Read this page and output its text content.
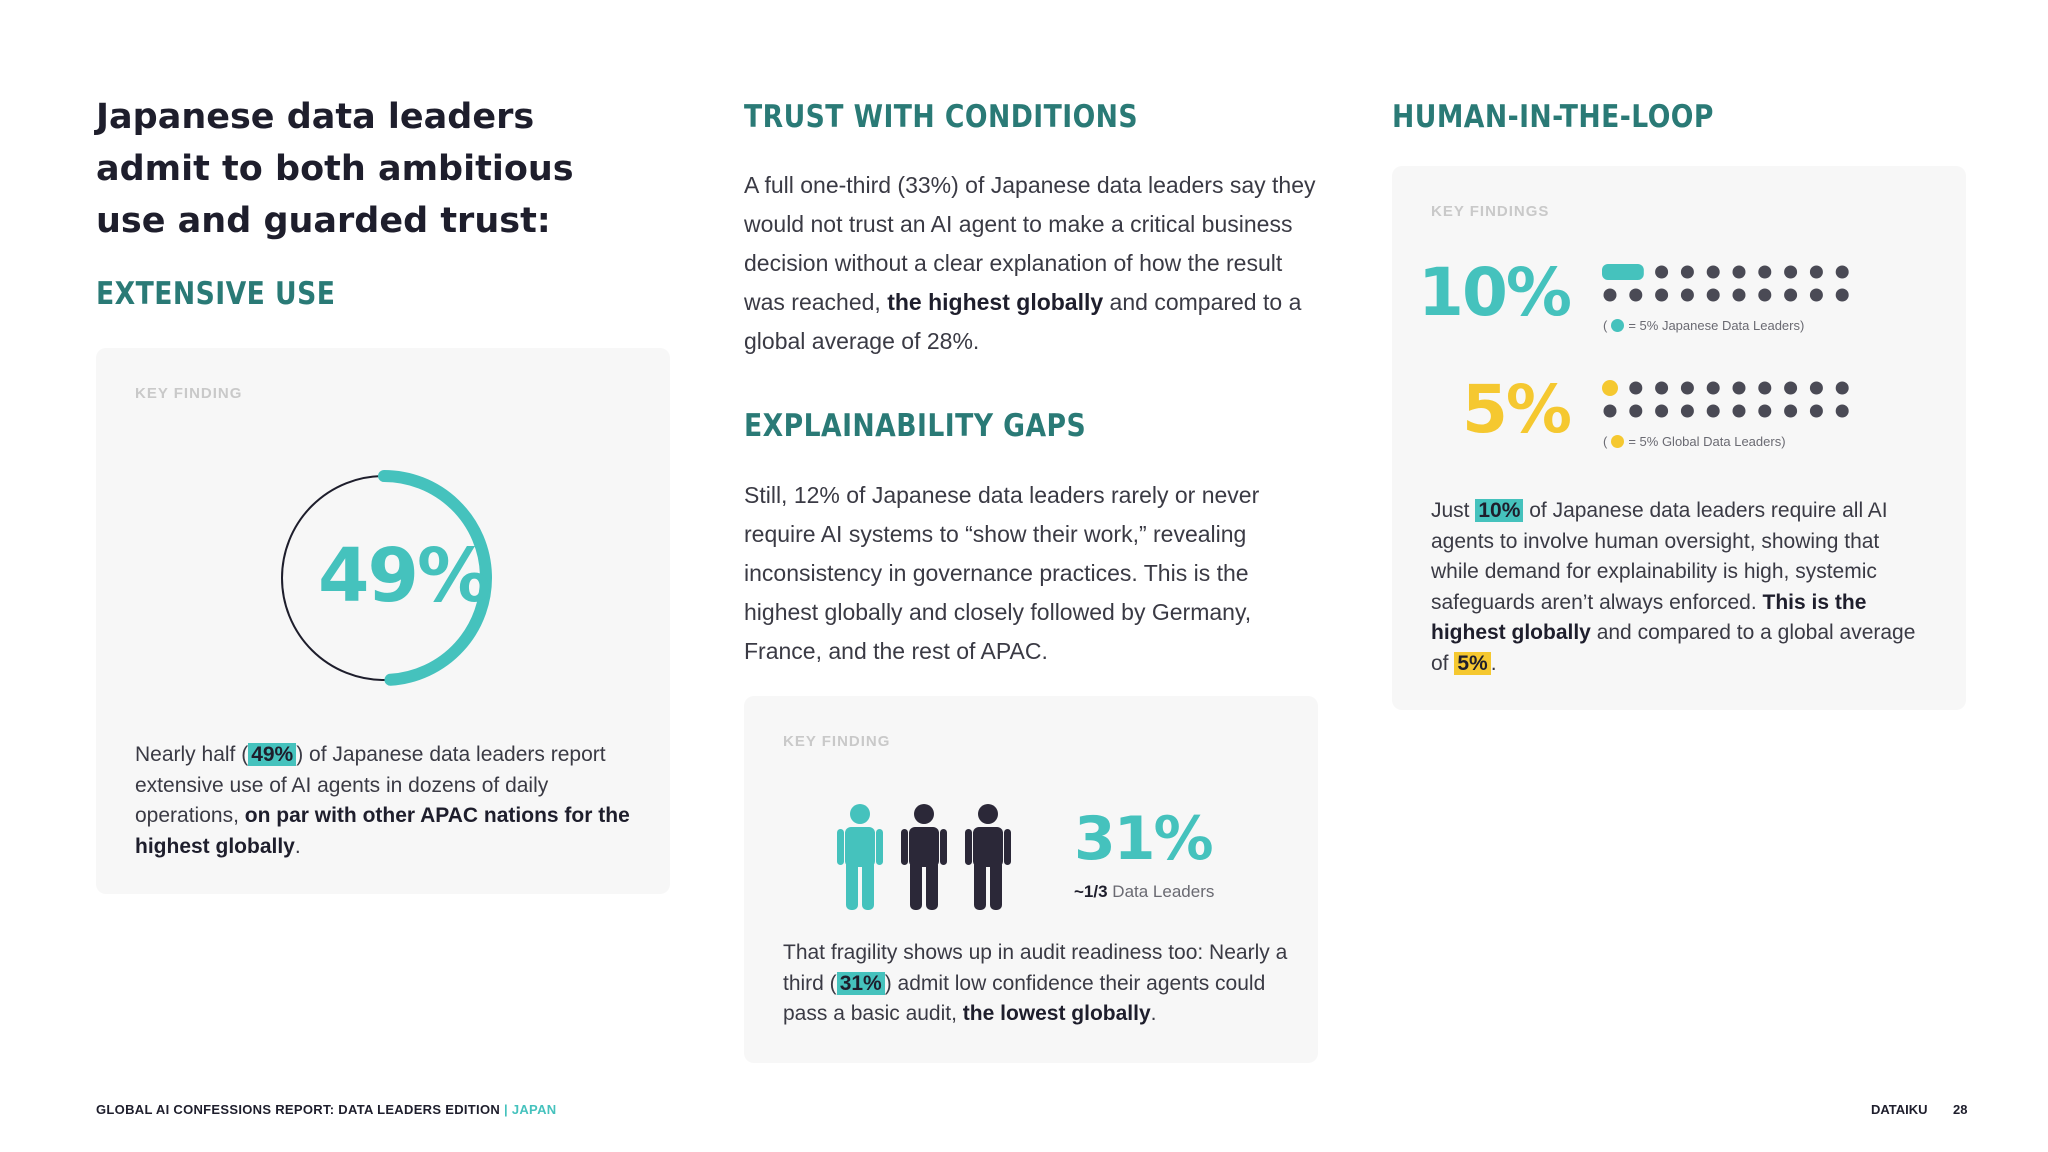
Japanese data leaders
admit to both ambitious
use and guarded trust:
EXTENSIVE USE
KEY FINDING
49%

Nearly half ( 49% ) of Japanese data leaders report extensive use of AI agents in dozens of daily operations, on par with other APAC nations for the highest globally.

TRUST WITH CONDITIONS

A full one-third (33%) of Japanese data leaders say they would not trust an AI agent to make a critical business decision without a clear explanation of how the result was reached, the highest globally and compared to a global average of 28%.

EXPLAINABILITY GAPS

Still, 12% of Japanese data leaders rarely or never require AI systems to “show their work,” revealing inconsistency in governance practices. This is the highest globally and closely followed by Germany, France, and the rest of APAC.

KEY FINDING
31%
~1/3 Data Leaders

That fragility shows up in audit readiness too: Nearly a third ( 31% ) admit low confidence their agents could pass a basic audit, the lowest globally.

HUMAN-IN-THE-LOOP
KEY FINDINGS
10%	( = 5% Japanese Data Leaders)
5%	( = 5% Global Data Leaders)

Just 10% of Japanese data leaders require all AI agents to involve human oversight, showing that while demand for explainability is high, systemic safeguards aren’t always enforced. This is the highest globally and compared to a global average of 5% .

GLOBAL AI CONFESSIONS REPORT: DATA LEADERS EDITION | JAPAN	DATAIKU 28
